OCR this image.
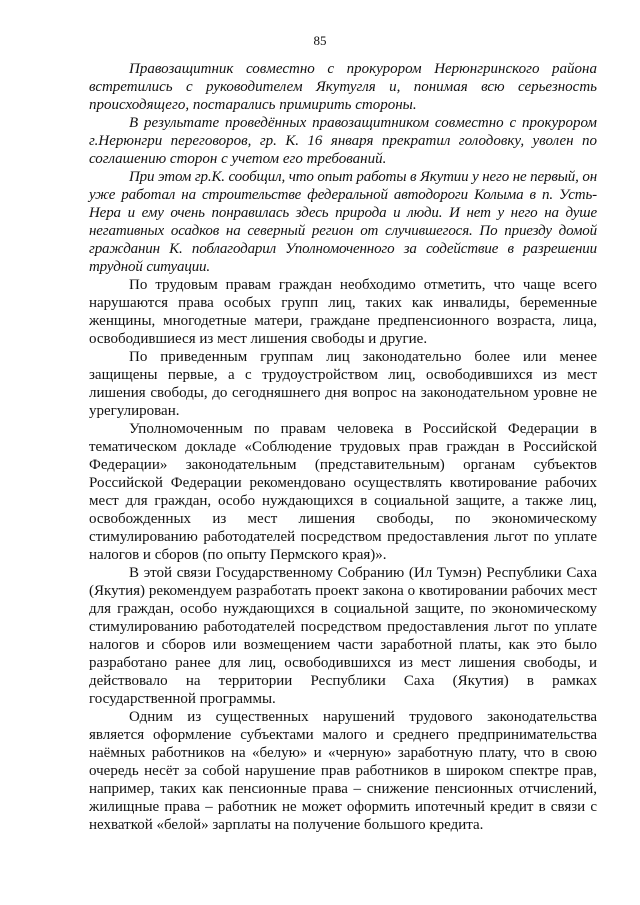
85

Правозащитник совместно с прокурором Нерюнгринского района встретились с руководителем Якутугля и, понимая всю серьезность происходящего, постарались примирить стороны.

В результате проведённых правозащитником совместно с прокурором г.Нерюнгри переговоров, гр. К. 16 января прекратил голодовку, уволен по соглашению сторон с учетом его требований.

При этом гр.К. сообщил, что опыт работы в Якутии у него не первый, он уже работал на строительстве федеральной автодороги Колыма в п. Усть-Нера и ему очень понравилась здесь природа и люди. И нет у него на душе негативных осадков на северный регион от случившегося. По приезду домой гражданин К. поблагодарил Уполномоченного за содействие в разрешении трудной ситуации.

По трудовым правам граждан необходимо отметить, что чаще всего нарушаются права особых групп лиц, таких как инвалиды, беременные женщины, многодетные матери, граждане предпенсионного возраста, лица, освободившиеся из мест лишения свободы и другие.

По приведенным группам лиц законодательно более или менее защищены первые, а с трудоустройством лиц, освободившихся из мест лишения свободы, до сегодняшнего дня вопрос на законодательном уровне не урегулирован.

Уполномоченным по правам человека в Российской Федерации в тематическом докладе «Соблюдение трудовых прав граждан в Российской Федерации» законодательным (представительным) органам субъектов Российской Федерации рекомендовано осуществлять квотирование рабочих мест для граждан, особо нуждающихся в социальной защите, а также лиц, освобожденных из мест лишения свободы, по экономическому стимулированию работодателей посредством предоставления льгот по уплате налогов и сборов (по опыту Пермского края)».

В этой связи Государственному Собранию (Ил Тумэн) Республики Саха (Якутия) рекомендуем разработать проект закона о квотировании рабочих мест для граждан, особо нуждающихся в социальной защите, по экономическому стимулированию работодателей посредством предоставления льгот по уплате налогов и сборов или возмещением части заработной платы, как это было разработано ранее для лиц, освободившихся из мест лишения свободы, и действовало на территории Республики Саха (Якутия) в рамках государственной программы.

Одним из существенных нарушений трудового законодательства является оформление субъектами малого и среднего предпринимательства наёмных работников на «белую» и «черную» заработную плату, что в свою очередь несёт за собой нарушение прав работников в широком спектре прав, например, таких как пенсионные права – снижение пенсионных отчислений, жилищные права – работник не может оформить ипотечный кредит в связи с нехваткой «белой» зарплаты на получение большого кредита.
